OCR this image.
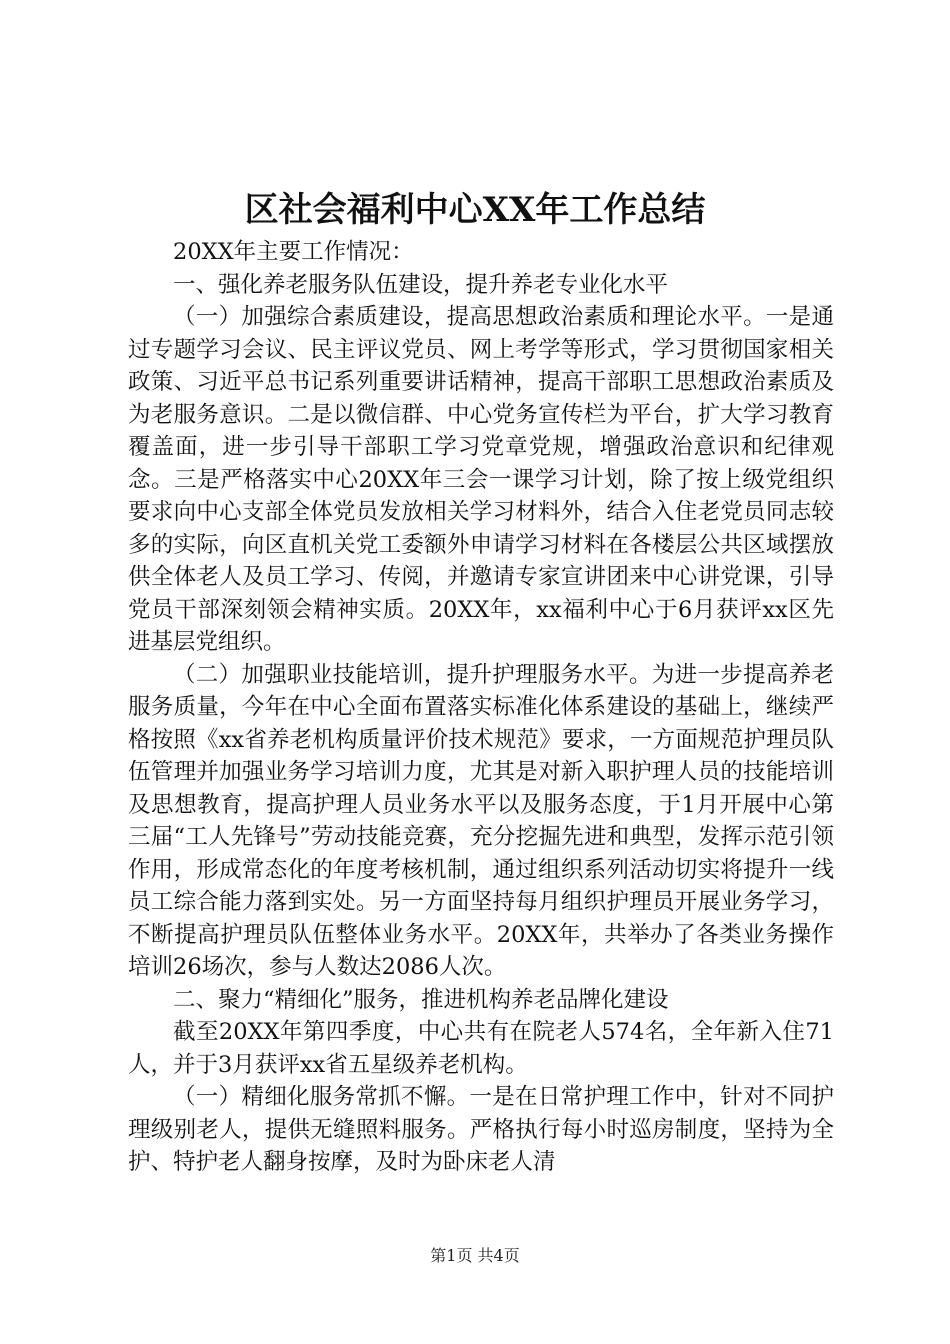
区社会福利中心XX年工作总结

20XX年主要工作情况：

一、强化养老服务队伍建设，提升养老专业化水平

（一）加强综合素质建设，提高思想政治素质和理论水平。一是通过专题学习会议、民主评议党员、网上考学等形式，学习贯彻国家相关政策、习近平总书记系列重要讲话精神，提高干部职工思想政治素质及为老服务意识。二是以微信群、中心党务宣传栏为平台，扩大学习教育覆盖面，进一步引导干部职工学习党章党规，增强政治意识和纪律观念。三是严格落实中心20XX年三会一课学习计划，除了按上级党组织要求向中心支部全体党员发放相关学习材料外，结合入住老党员同志较多的实际，向区直机关党工委额外申请学习材料在各楼层公共区域摆放供全体老人及员工学习、传阅，并邀请专家宣讲团来中心讲党课，引导党员干部深刻领会精神实质。20XX年，xx福利中心于6月获评xx区先进基层党组织。

（二）加强职业技能培训，提升护理服务水平。为进一步提高养老服务质量，今年在中心全面布置落实标准化体系建设的基础上，继续严格按照《xx省养老机构质量评价技术规范》要求，一方面规范护理员队伍管理并加强业务学习培训力度，尤其是对新入职护理人员的技能培训及思想教育，提高护理人员业务水平以及服务态度，于1月开展中心第三届“工人先锋号”劳动技能竞赛，充分挖掘先进和典型，发挥示范引领作用，形成常态化的年度考核机制，通过组织系列活动切实将提升一线员工综合能力落到实处。另一方面坚持每月组织护理员开展业务学习，不断提高护理员队伍整体业务水平。20XX年，共举办了各类业务操作培训26场次，参与人数达2086人次。

二、聚力“精细化”服务，推进机构养老品牌化建设

截至20XX年第四季度，中心共有在院老人574名，全年新入住71人，并于3月获评xx省五星级养老机构。

（一）精细化服务常抓不懈。一是在日常护理工作中，针对不同护理级别老人，提供无缝照料服务。严格执行每小时巡房制度，坚持为全护、特护老人翻身按摩，及时为卧床老人清

第1页 共4页
